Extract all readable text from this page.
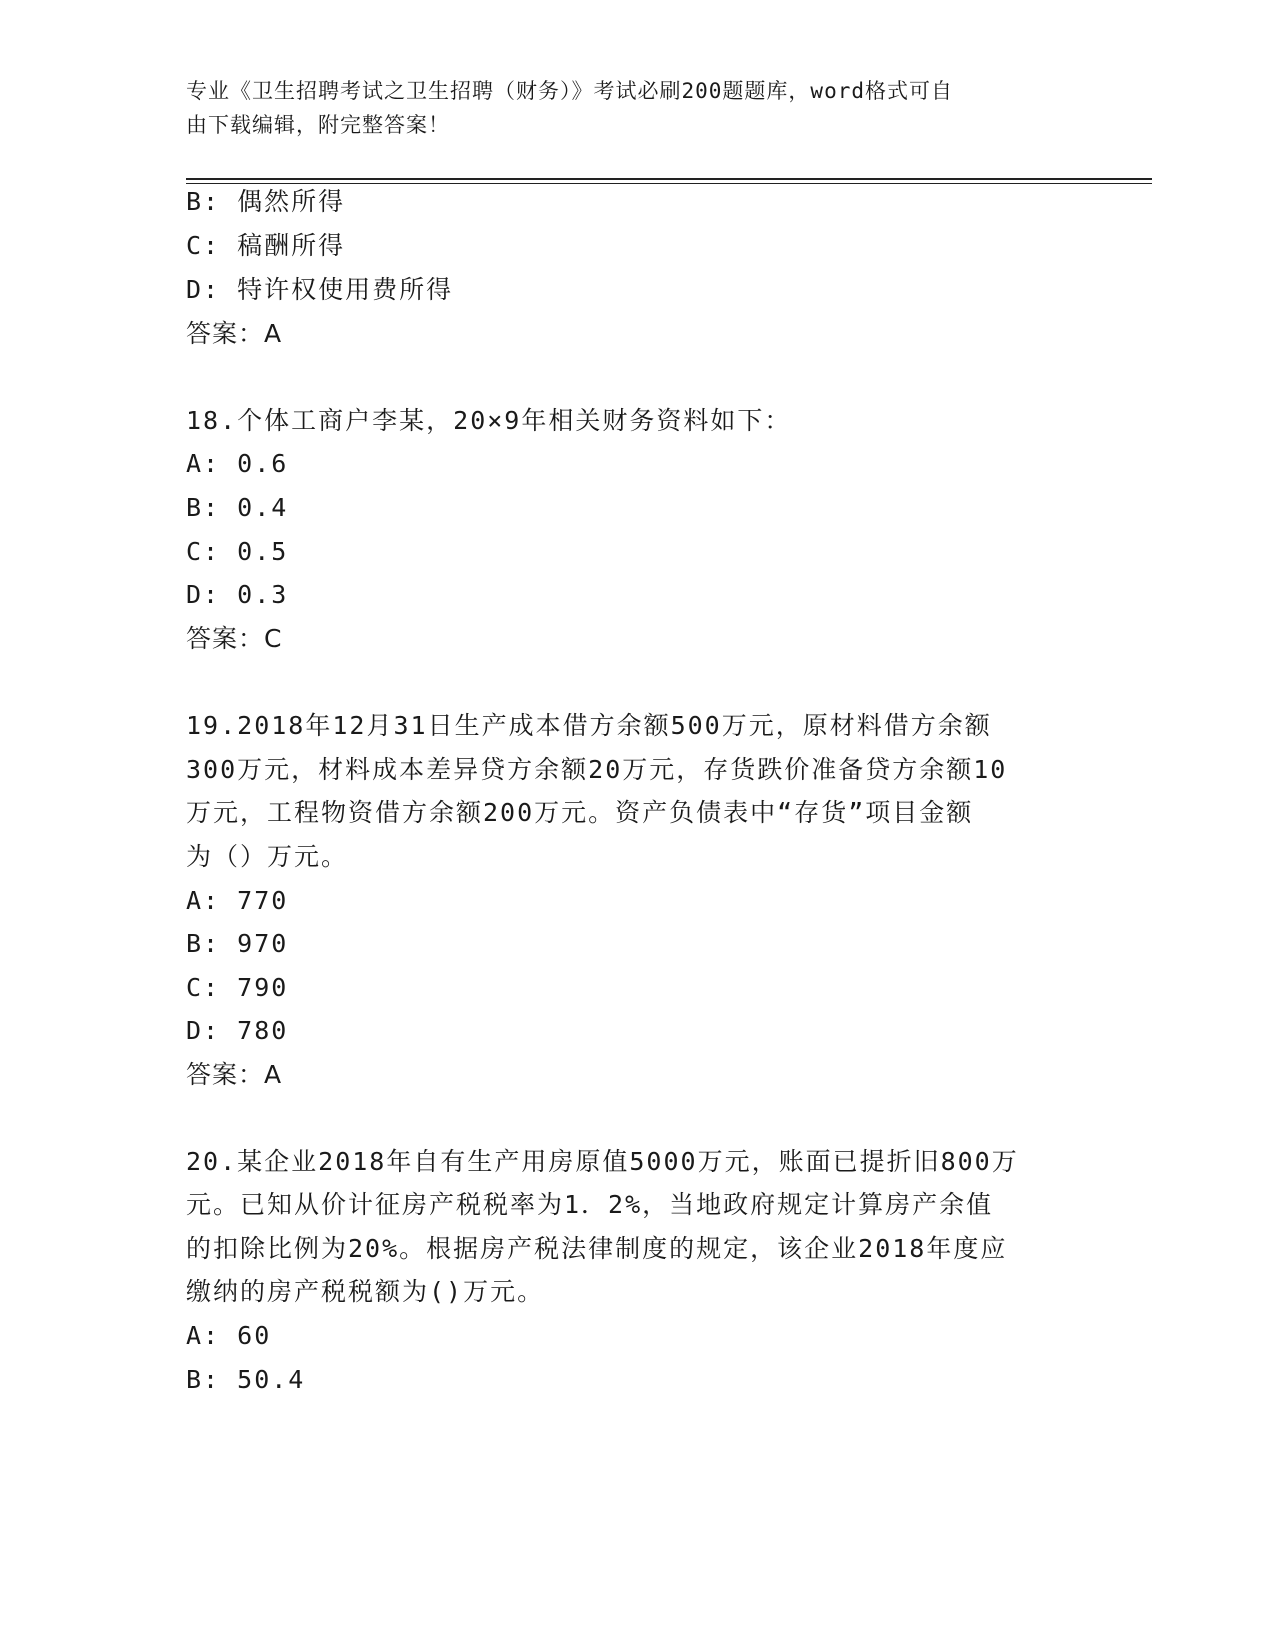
专业《卫生招聘考试之卫生招聘（财务）》考试必刷200题题库，word格式可自
由下载编辑，附完整答案！
B: 偶然所得
C: 稿酬所得
D: 特许权使用费所得
答案：A
18.个体工商户李某，20×9年相关财务资料如下：
A: 0.6
B: 0.4
C: 0.5
D: 0.3
答案：C
19.2018年12月31日生产成本借方余额500万元，原材料借方余额
300万元，材料成本差异贷方余额20万元，存货跌价准备贷方余额10
万元，工程物资借方余额200万元。资产负债表中“存货”项目金额
为（）万元。
A: 770
B: 970
C: 790
D: 780
答案：A
20.某企业2018年自有生产用房原值5000万元，账面已提折旧800万
元。已知从价计征房产税税率为1．2%，当地政府规定计算房产余值
的扣除比例为20%。根据房产税法律制度的规定，该企业2018年度应
缴纳的房产税税额为()万元。
A: 60
B: 50.4
